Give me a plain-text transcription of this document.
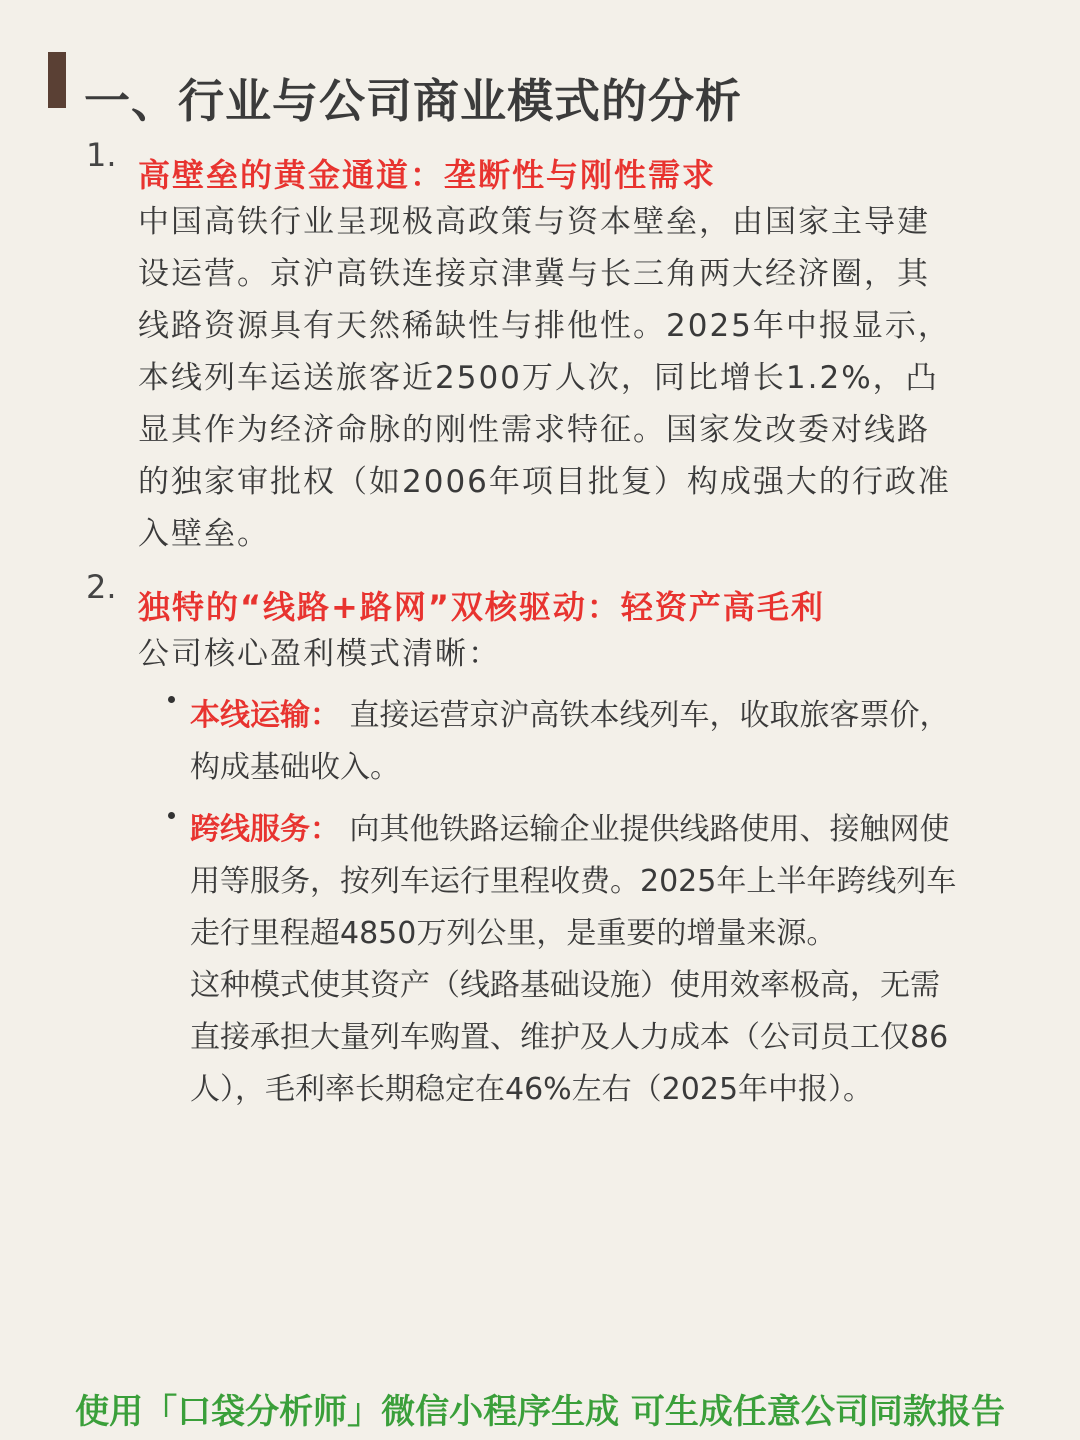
一、行业与公司商业模式的分析
1.
高壁垒的黄金通道：垄断性与刚性需求
中国高铁行业呈现极高政策与资本壁垒，由国家主导建
设运营。京沪高铁连接京津冀与长三角两大经济圈，其
线路资源具有天然稀缺性与排他性。2025年中报显示，
本线列车运送旅客近2500万人次，同比增长1.2%，凸
显其作为经济命脉的刚性需求特征。国家发改委对线路
的独家审批权（如2006年项目批复）构成强大的行政准
入壁垒。
2.
独特的“线路+路网”双核驱动：轻资产高毛利
公司核心盈利模式清晰：
本线运输： 直接运营京沪高铁本线列车，收取旅客票价，
构成基础收入。
跨线服务： 向其他铁路运输企业提供线路使用、接触网使
用等服务，按列车运行里程收费。2025年上半年跨线列车
走行里程超4850万列公里，是重要的增量来源。
这种模式使其资产（线路基础设施）使用效率极高，无需
直接承担大量列车购置、维护及人力成本（公司员工仅86
人），毛利率长期稳定在46%左右（2025年中报）。
使用「口袋分析师」微信小程序生成 可生成任意公司同款报告
